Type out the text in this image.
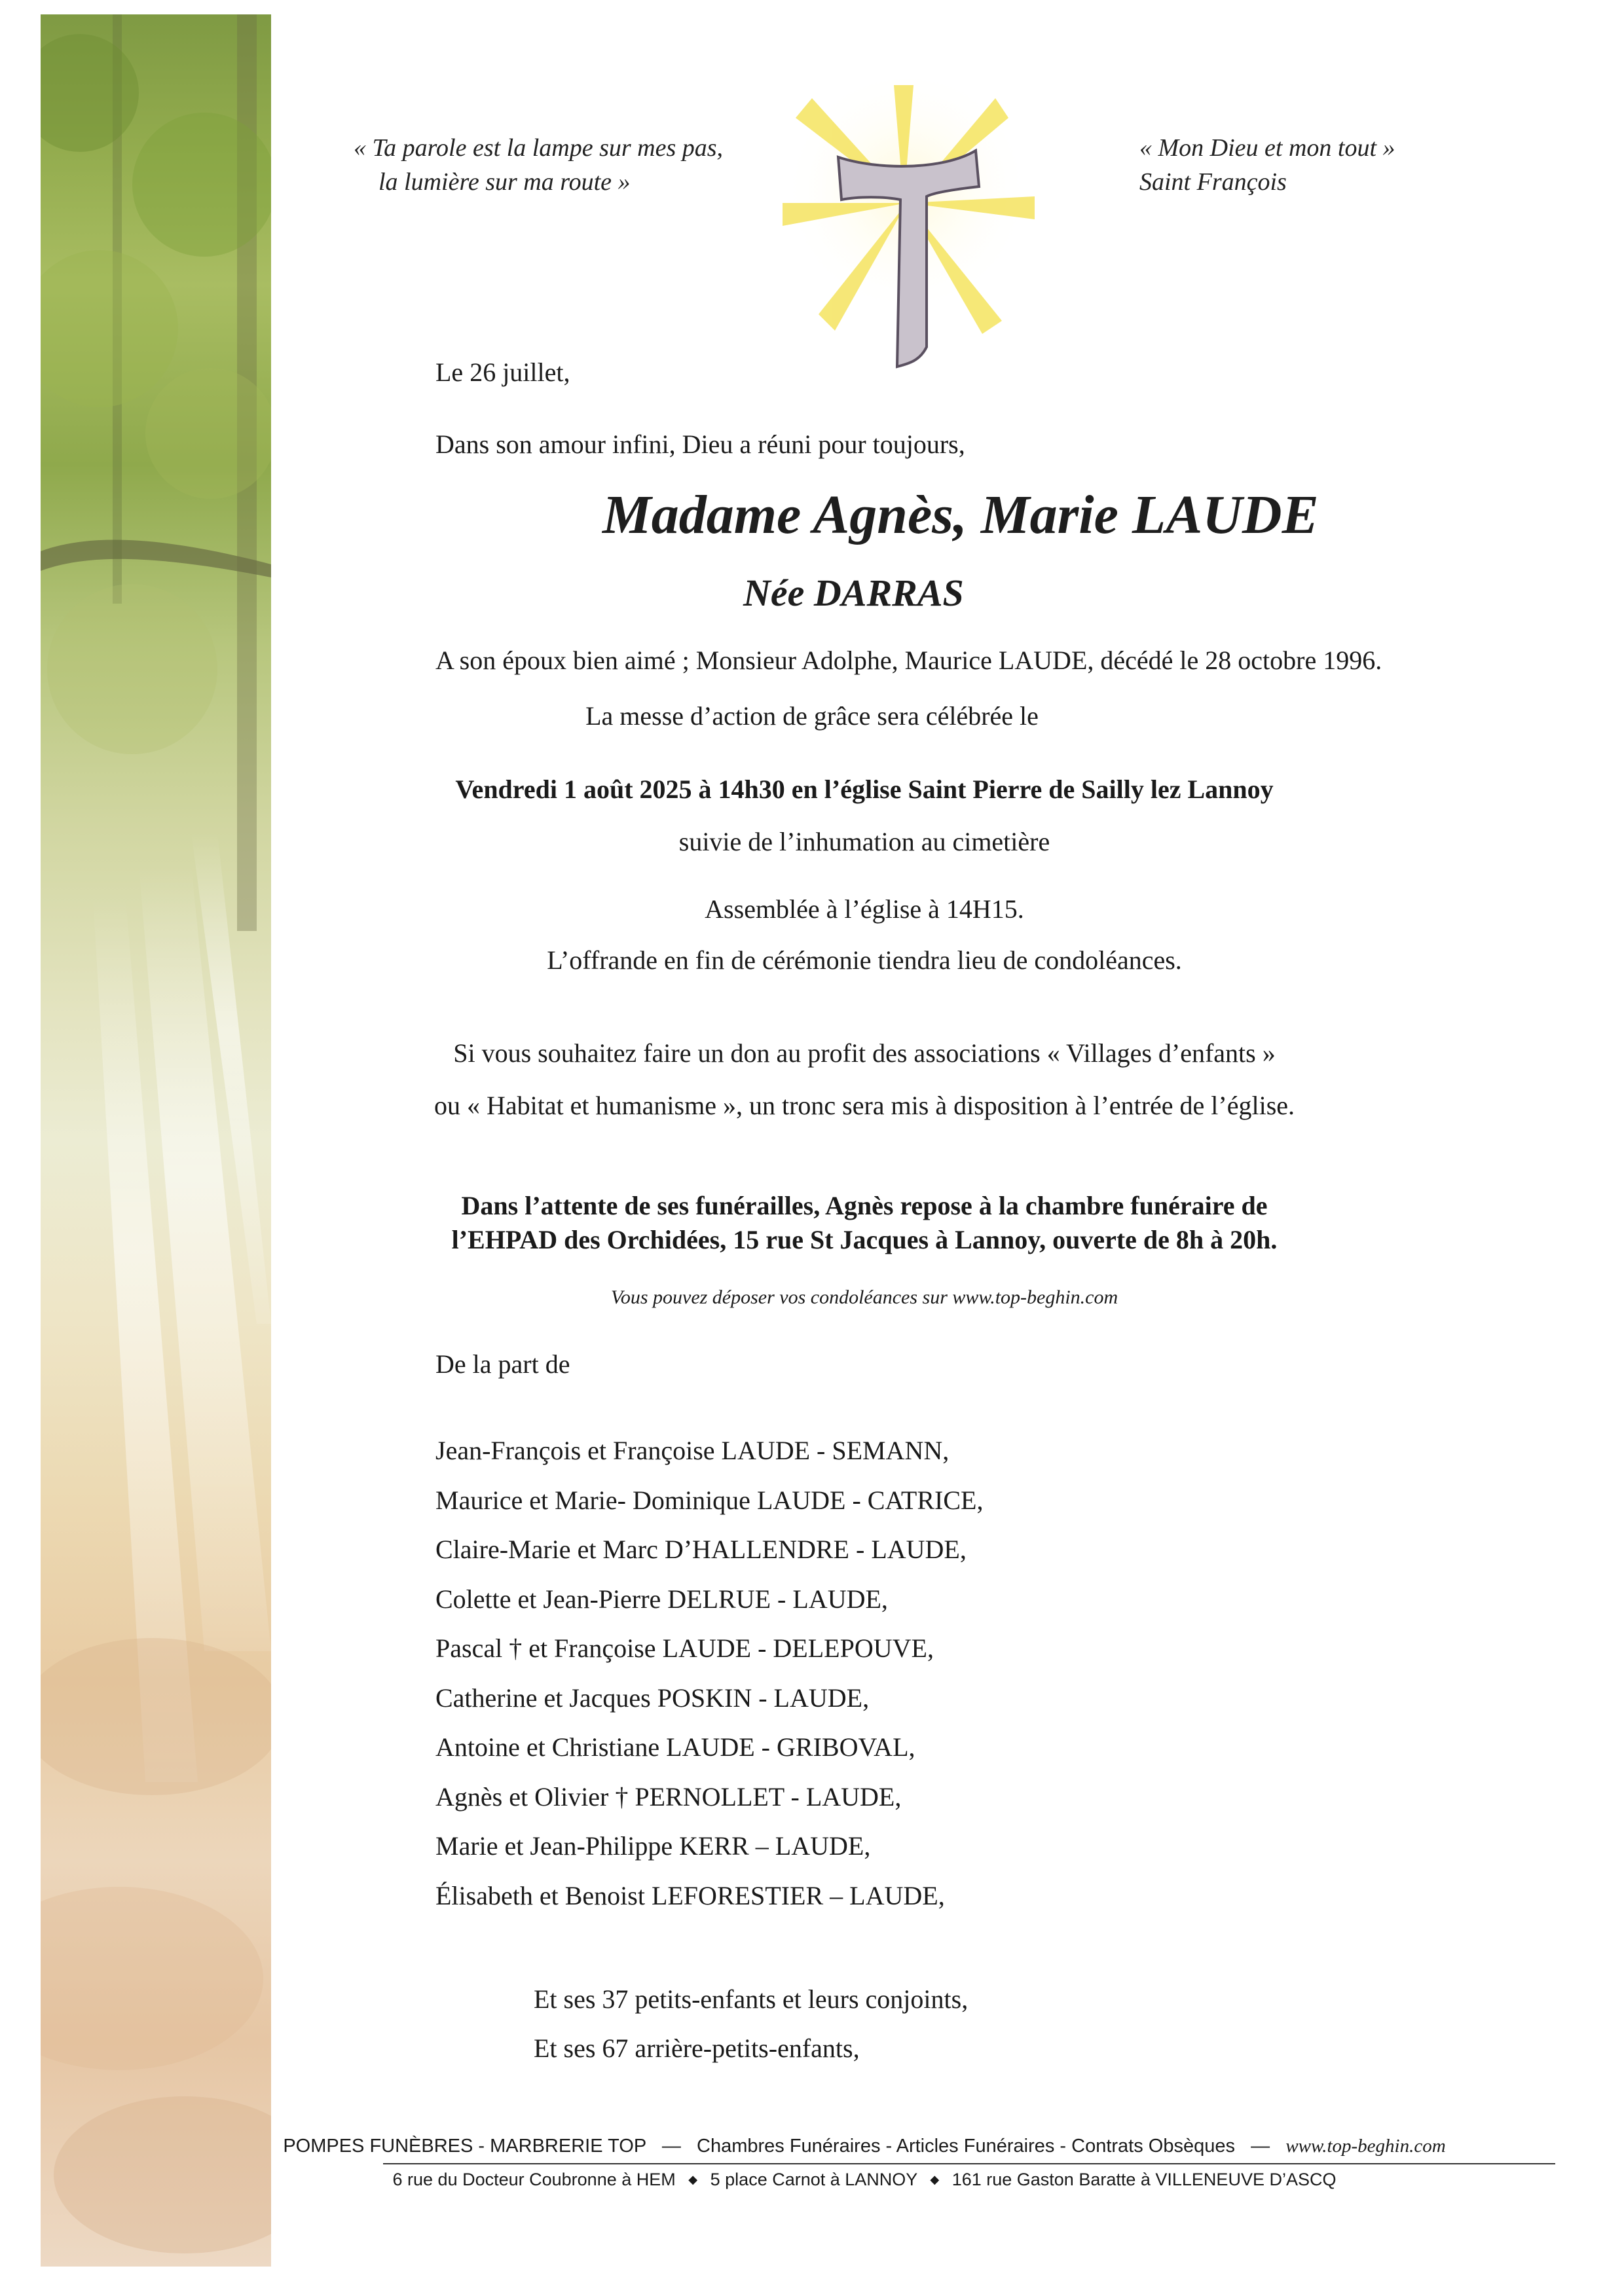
« Ta parole est la lampe sur mes pas,
la lumière sur ma route »
« Mon Dieu et mon tout »
Saint François
Le 26 juillet,
Dans son amour infini, Dieu a réuni pour toujours,
Madame Agnès, Marie LAUDE
Née DARRAS
A son époux bien aimé ; Monsieur Adolphe, Maurice LAUDE, décédé le 28 octobre 1996.
La messe d’action de grâce sera célébrée le
Vendredi 1 août 2025 à 14h30 en l’église Saint Pierre de Sailly lez Lannoy
suivie de l’inhumation au cimetière
Assemblée à l’église à 14H15.
L’offrande en fin de cérémonie tiendra lieu de condoléances.
Si vous souhaitez faire un don au profit des associations « Villages d’enfants »
ou « Habitat et humanisme », un tronc sera mis à disposition à l’entrée de l’église.
Dans l’attente de ses funérailles, Agnès repose à la chambre funéraire de
l’EHPAD des Orchidées, 15 rue St Jacques à Lannoy, ouverte de 8h à 20h.
Vous pouvez déposer vos condoléances sur www.top-beghin.com
De la part de
Jean-François et Françoise LAUDE - SEMANN,
Maurice et Marie- Dominique LAUDE - CATRICE,
Claire-Marie et Marc D’HALLENDRE - LAUDE,
Colette et Jean-Pierre DELRUE - LAUDE,
Pascal † et Françoise LAUDE - DELEPOUVE,
Catherine et Jacques POSKIN - LAUDE,
Antoine et Christiane LAUDE - GRIBOVAL,
Agnès et Olivier † PERNOLLET - LAUDE,
Marie et Jean-Philippe KERR – LAUDE,
Élisabeth et Benoist LEFORESTIER – LAUDE,
Et ses 37 petits-enfants et leurs conjoints,
Et ses 67 arrière-petits-enfants,
POMPES FUNÈBRES - MARBRERIE TOP — Chambres Funéraires - Articles Funéraires - Contrats Obsèques — www.top-beghin.com
6 rue du Docteur Coubronne à HEM ◆ 5 place Carnot à LANNOY ◆ 161 rue Gaston Baratte à VILLENEUVE D’ASCQ
